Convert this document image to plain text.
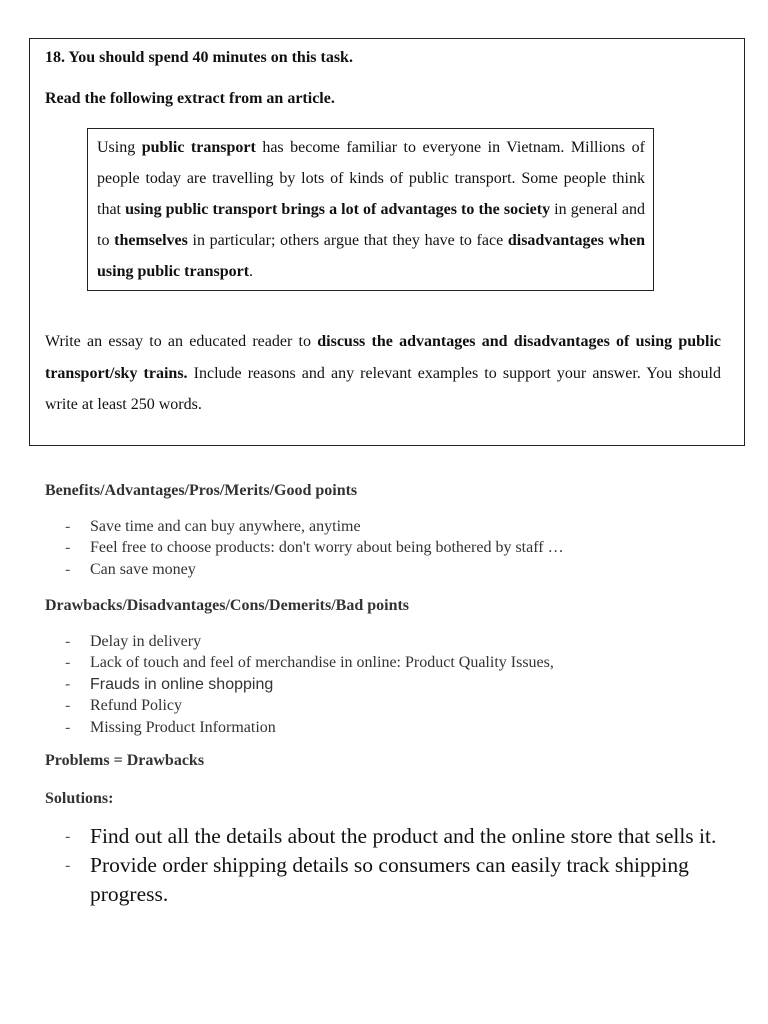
18. You should spend 40 minutes on this task.
Read the following extract from an article.
Using public transport has become familiar to everyone in Vietnam. Millions of people today are travelling by lots of kinds of public transport. Some people think that using public transport brings a lot of advantages to the society in general and to themselves in particular; others argue that they have to face disadvantages when using public transport.
Write an essay to an educated reader to discuss the advantages and disadvantages of using public transport/sky trains. Include reasons and any relevant examples to support your answer. You should write at least 250 words.
Benefits/Advantages/Pros/Merits/Good points
- Save time and can buy anywhere, anytime
- Feel free to choose products: don't worry about being bothered by staff …
- Can save money
Drawbacks/Disadvantages/Cons/Demerits/Bad points
- Delay in delivery
- Lack of touch and feel of merchandise in online: Product Quality Issues,
- Frauds in online shopping
- Refund Policy
- Missing Product Information
Problems = Drawbacks
Solutions:
- Find out all the details about the product and the online store that sells it.
- Provide order shipping details so consumers can easily track shipping progress.
